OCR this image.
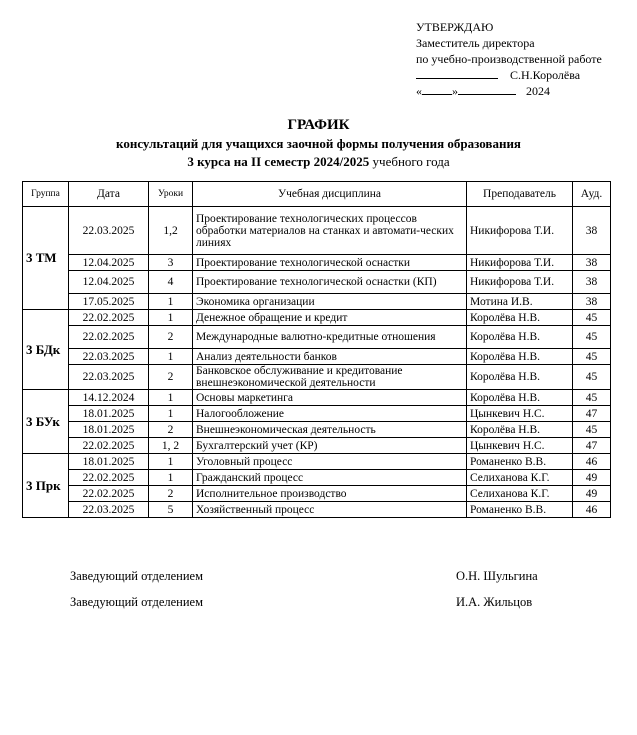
УТВЕРЖДАЮ
Заместитель директора
по учебно-производственной работе
С.Н.Королёва
«	»	2024
ГРАФИК
консультаций для учащихся заочной формы получения образования
3 курса на II семестр 2024/2025 учебного года
Группа	Дата	Уроки	Учебная дисциплина	Преподаватель	Ауд.
3 ТМ	22.03.2025	1,2	Проектирование технологических процессов обработки материалов на станках и автомати-ческих линиях	Никифорова Т.И.	38
	12.04.2025	3	Проектирование технологической оснастки	Никифорова Т.И.	38
	12.04.2025	4	Проектирование технологической оснастки (КП)	Никифорова Т.И.	38
	17.05.2025	1	Экономика организации	Мотина И.В.	38
3 БДк	22.02.2025	1	Денежное обращение и кредит	Королёва Н.В.	45
	22.02.2025	2	Международные валютно-кредитные отношения	Королёва Н.В.	45
	22.03.2025	1	Анализ деятельности банков	Королёва Н.В.	45
	22.03.2025	2	Банковское обслуживание и кредитование внешнеэкономической деятельности	Королёва Н.В.	45
3 БУк	14.12.2024	1	Основы маркетинга	Королёва Н.В.	45
	18.01.2025	1	Налогообложение	Цынкевич Н.С.	47
	18.01.2025	2	Внешнеэкономическая деятельность	Королёва Н.В.	45
	22.02.2025	1, 2	Бухгалтерский учет (КР)	Цынкевич Н.С.	47
3 Прк	18.01.2025	1	Уголовный процесс	Романенко В.В.	46
	22.02.2025	1	Гражданский процесс	Селиханова К.Г.	49
	22.02.2025	2	Исполнительное производство	Селиханова К.Г.	49
	22.03.2025	5	Хозяйственный процесс	Романенко В.В.	46
Заведующий отделением	О.Н. Шульгина
Заведующий отделением	И.А. Жильцов
